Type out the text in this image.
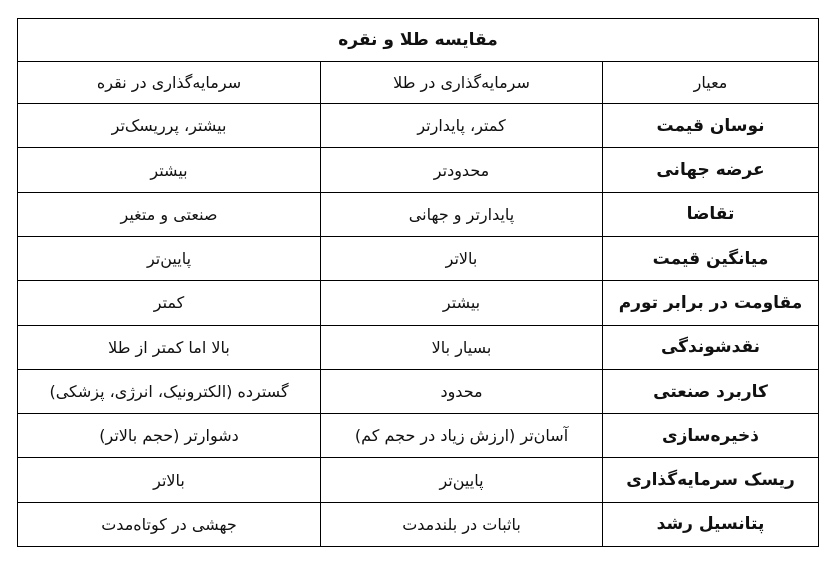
مقایسه طلا و نقره		
معیار	سرمایه‌گذاری در طلا	سرمایه‌گذاری در نقره
نوسان قیمت	کمتر، پایدارتر	بیشتر، پرریسک‌تر
عرضه جهانی	محدودتر	بیشتر
تقاضا	پایدارتر و جهانی	صنعتی و متغیر
میانگین قیمت	بالاتر	پایین‌تر
مقاومت در برابر تورم	بیشتر	کمتر
نقدشوندگی	بسیار بالا	بالا اما کمتر از طلا
کاربرد صنعتی	محدود	گسترده (الکترونیک، انرژی، پزشکی)
ذخیره‌سازی	آسان‌تر (ارزش زیاد در حجم کم)	دشوارتر (حجم بالاتر)
ریسک سرمایه‌گذاری	پایین‌تر	بالاتر
پتانسیل رشد	باثبات در بلندمدت	جهشی در کوتاه‌مدت
